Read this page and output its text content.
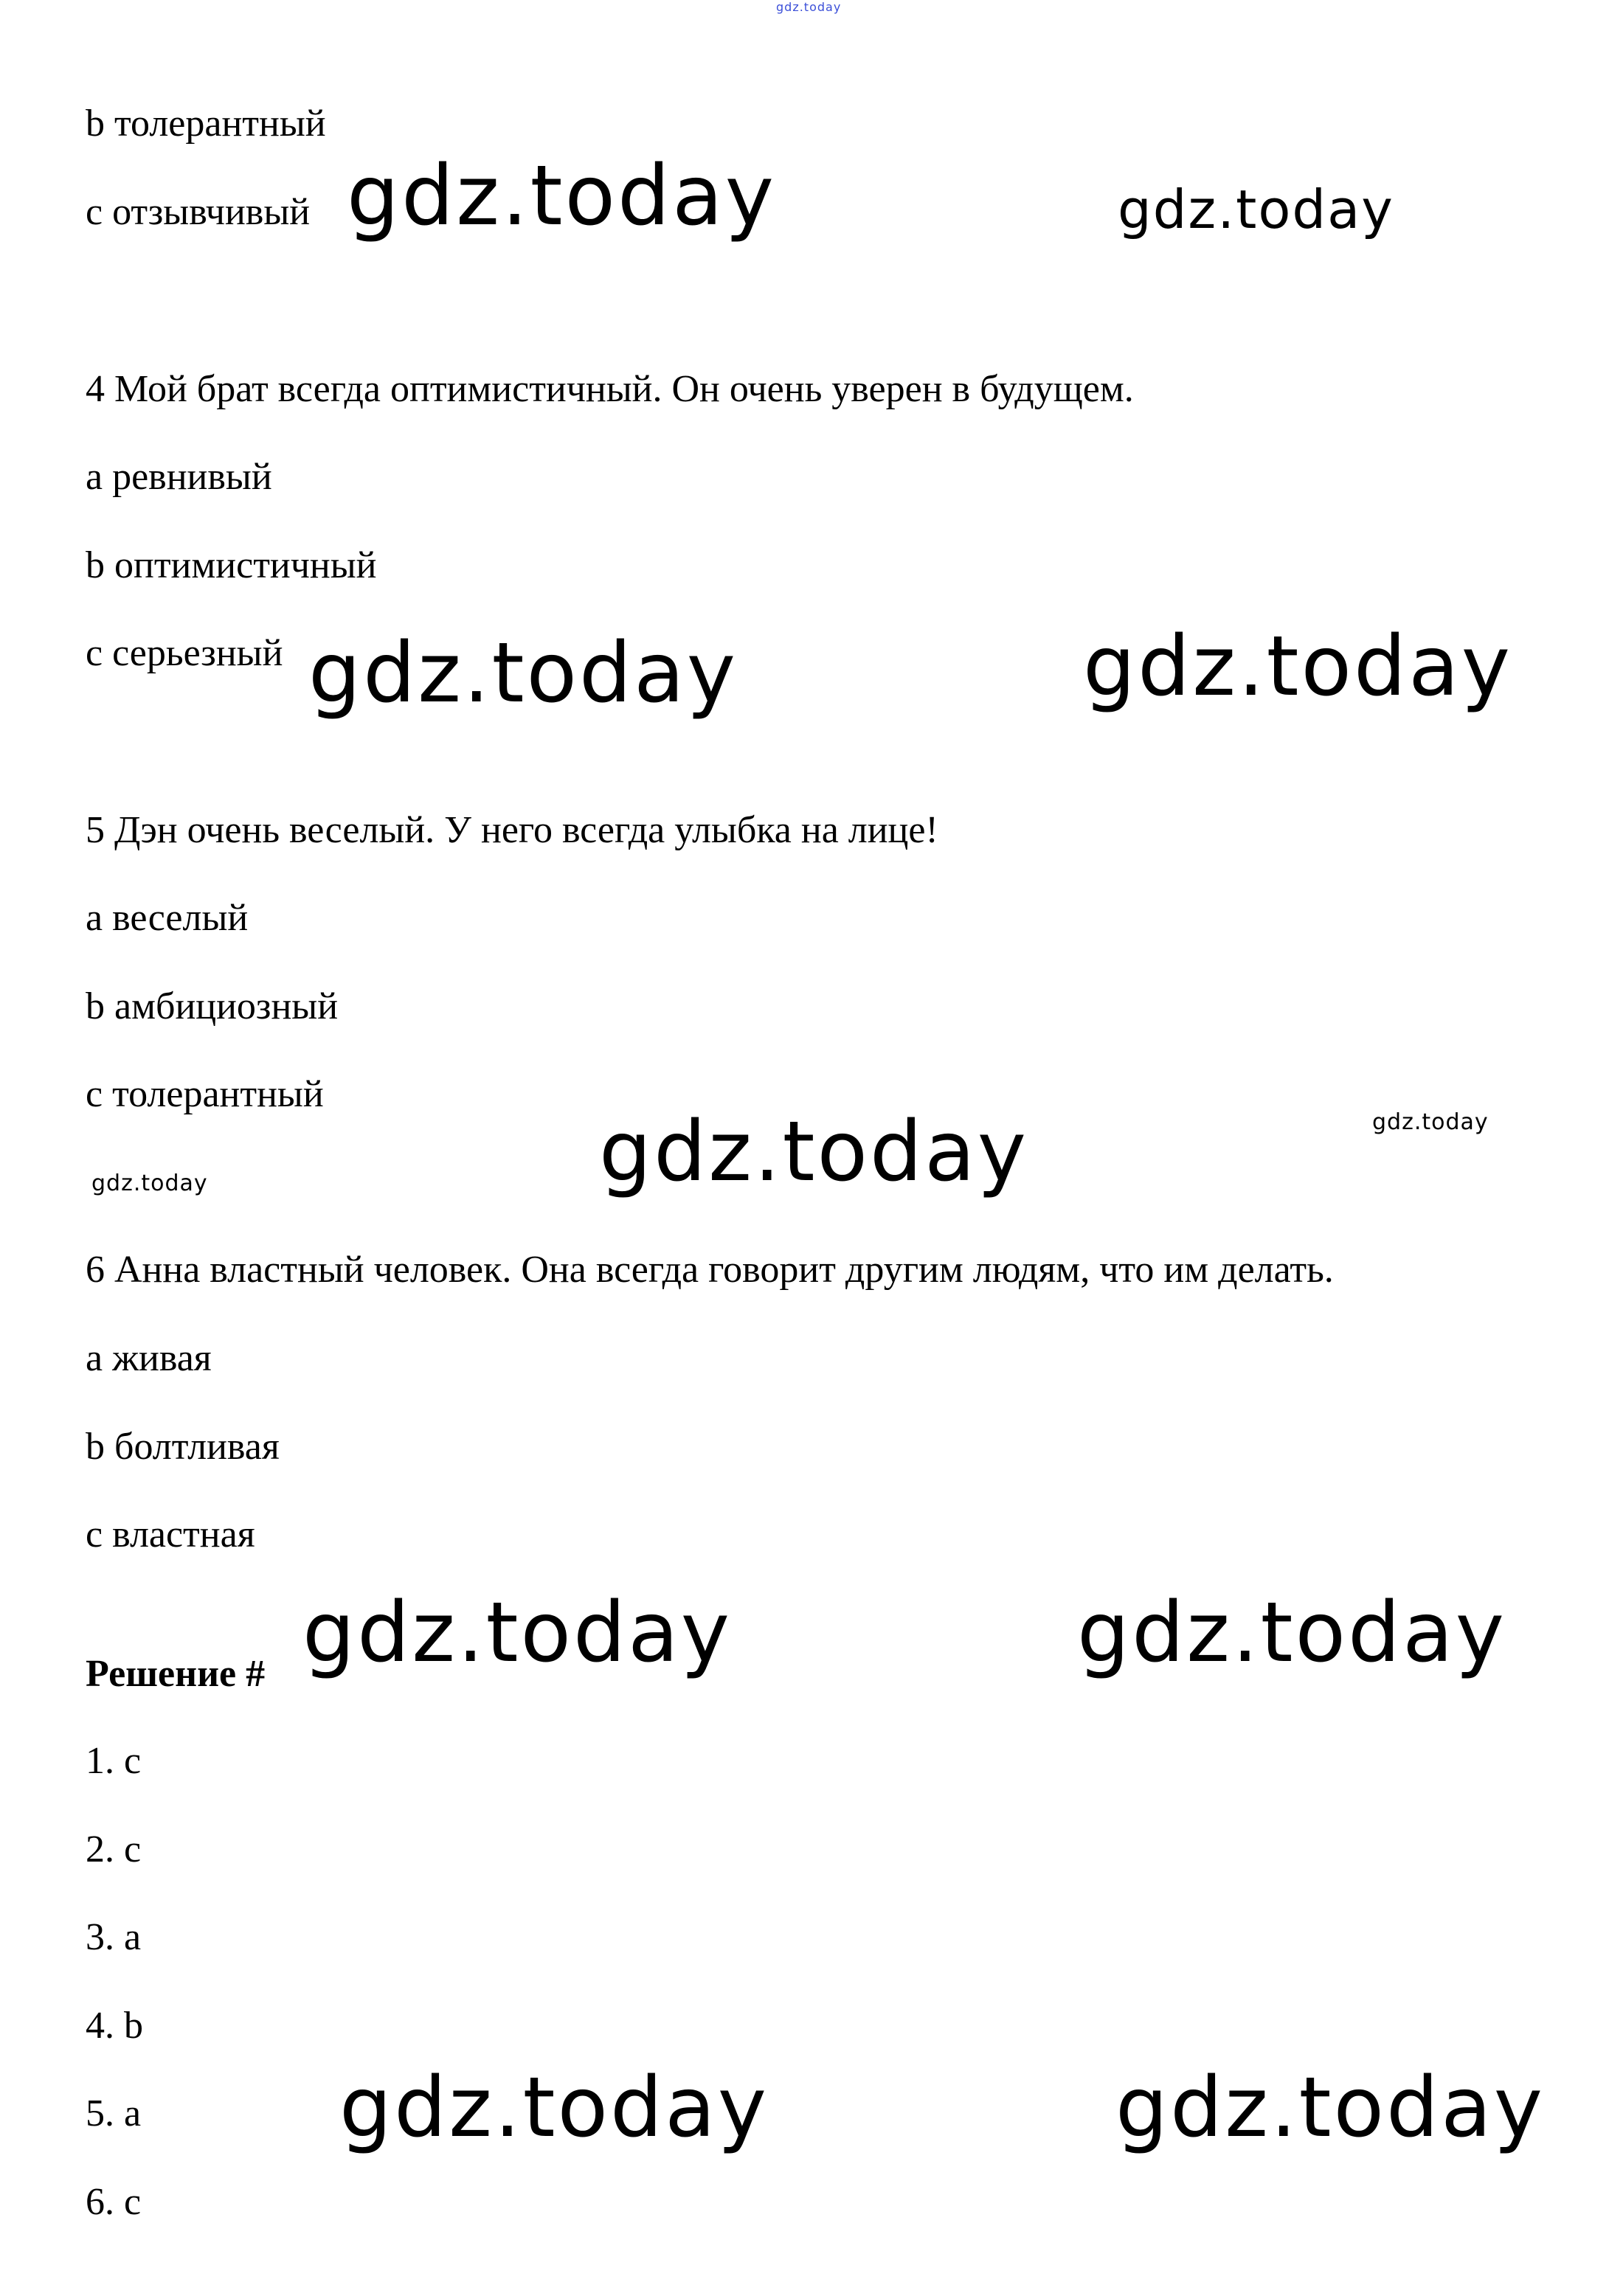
gdz.today
gdz.today	gdz.today
gdz.today	gdz.today
gdz.today
gdz.today
gdz.today
gdz.today	gdz.today
gdz.today	gdz.today
b толерантный
c отзывчивый
4 Мой брат всегда оптимистичный. Он очень уверен в будущем.
a ревнивый
b оптимистичный
c серьезный
5 Дэн очень веселый. У него всегда улыбка на лице!
a веселый
b амбициозный
c толерантный
6 Анна властный человек. Она всегда говорит другим людям, что им делать.
a живая
b болтливая
c властная
Решение #
1. c
2. c
3. a
4. b
5. a
6. c
